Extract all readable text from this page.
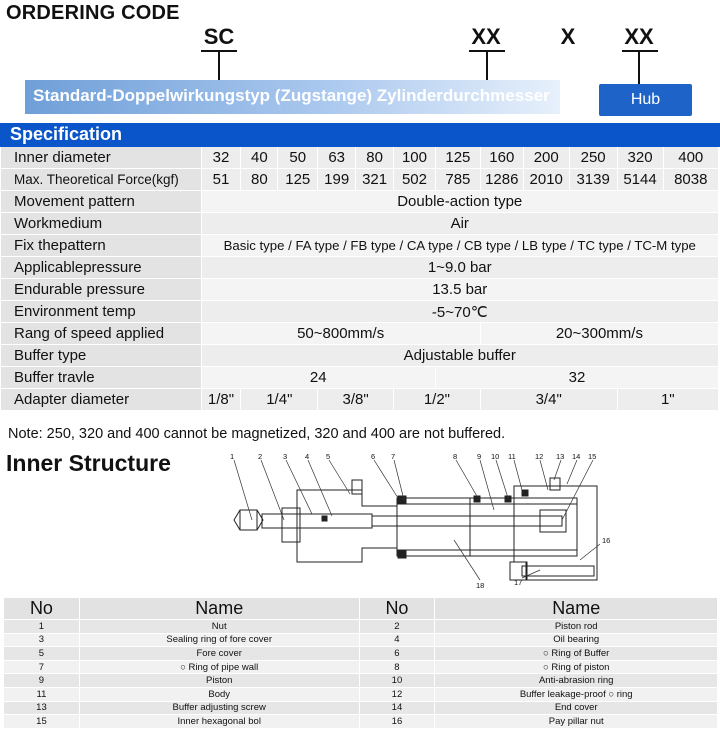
ORDERING CODE
SC	XX	X XX
Standard-Doppelwirkungstyp (Zugstange) Zylinderdurchmesser	Hub
Specification
Inner diameter	32	40	50	63	80	100	125	160	200	250	320	400
Max. Theoretical Force(kgf)	51	80	125	199	321	502	785	1286	2010	3139	5144	8038
Movement pattern	Double-action type											
Workmedium	Air											
Fix thepattern	Basic type / FA type / FB type / CA type / CB type / LB type / TC type / TC-M type											
Applicablepressure	1~9.0 bar											
Endurable pressure	13.5 bar											
Environment temp	-5~70℃											
Rang of speed applied	50~800mm/s							20~300mm/s				
Buffer type	Adjustable buffer											
Buffer travle	24						32					
Adapter diameter	1/8"	1/4"		3/8"		1/2"		3/4"			1"	
Note: 250, 320 and 400 cannot be magnetized, 320 and 400 are not buffered.
Inner Structure	1	2	3 4 5	6 7	8	9 10 11	12 13 14 15
16
17
18
No	Name	No	Name
1	Nut	2	Piston rod
3	Sealing ring of fore cover	4	Oil bearing
5	Fore cover	6	○ Ring of Buffer
7	○ Ring of pipe wall	8	○ Ring of piston
9	Piston	10	Anti-abrasion ring
11	Body	12	Buffer leakage-proof ○ ring
13	Buffer adjusting screw	14	End cover
15	Inner hexagonal bol	16	Pay pillar nut
